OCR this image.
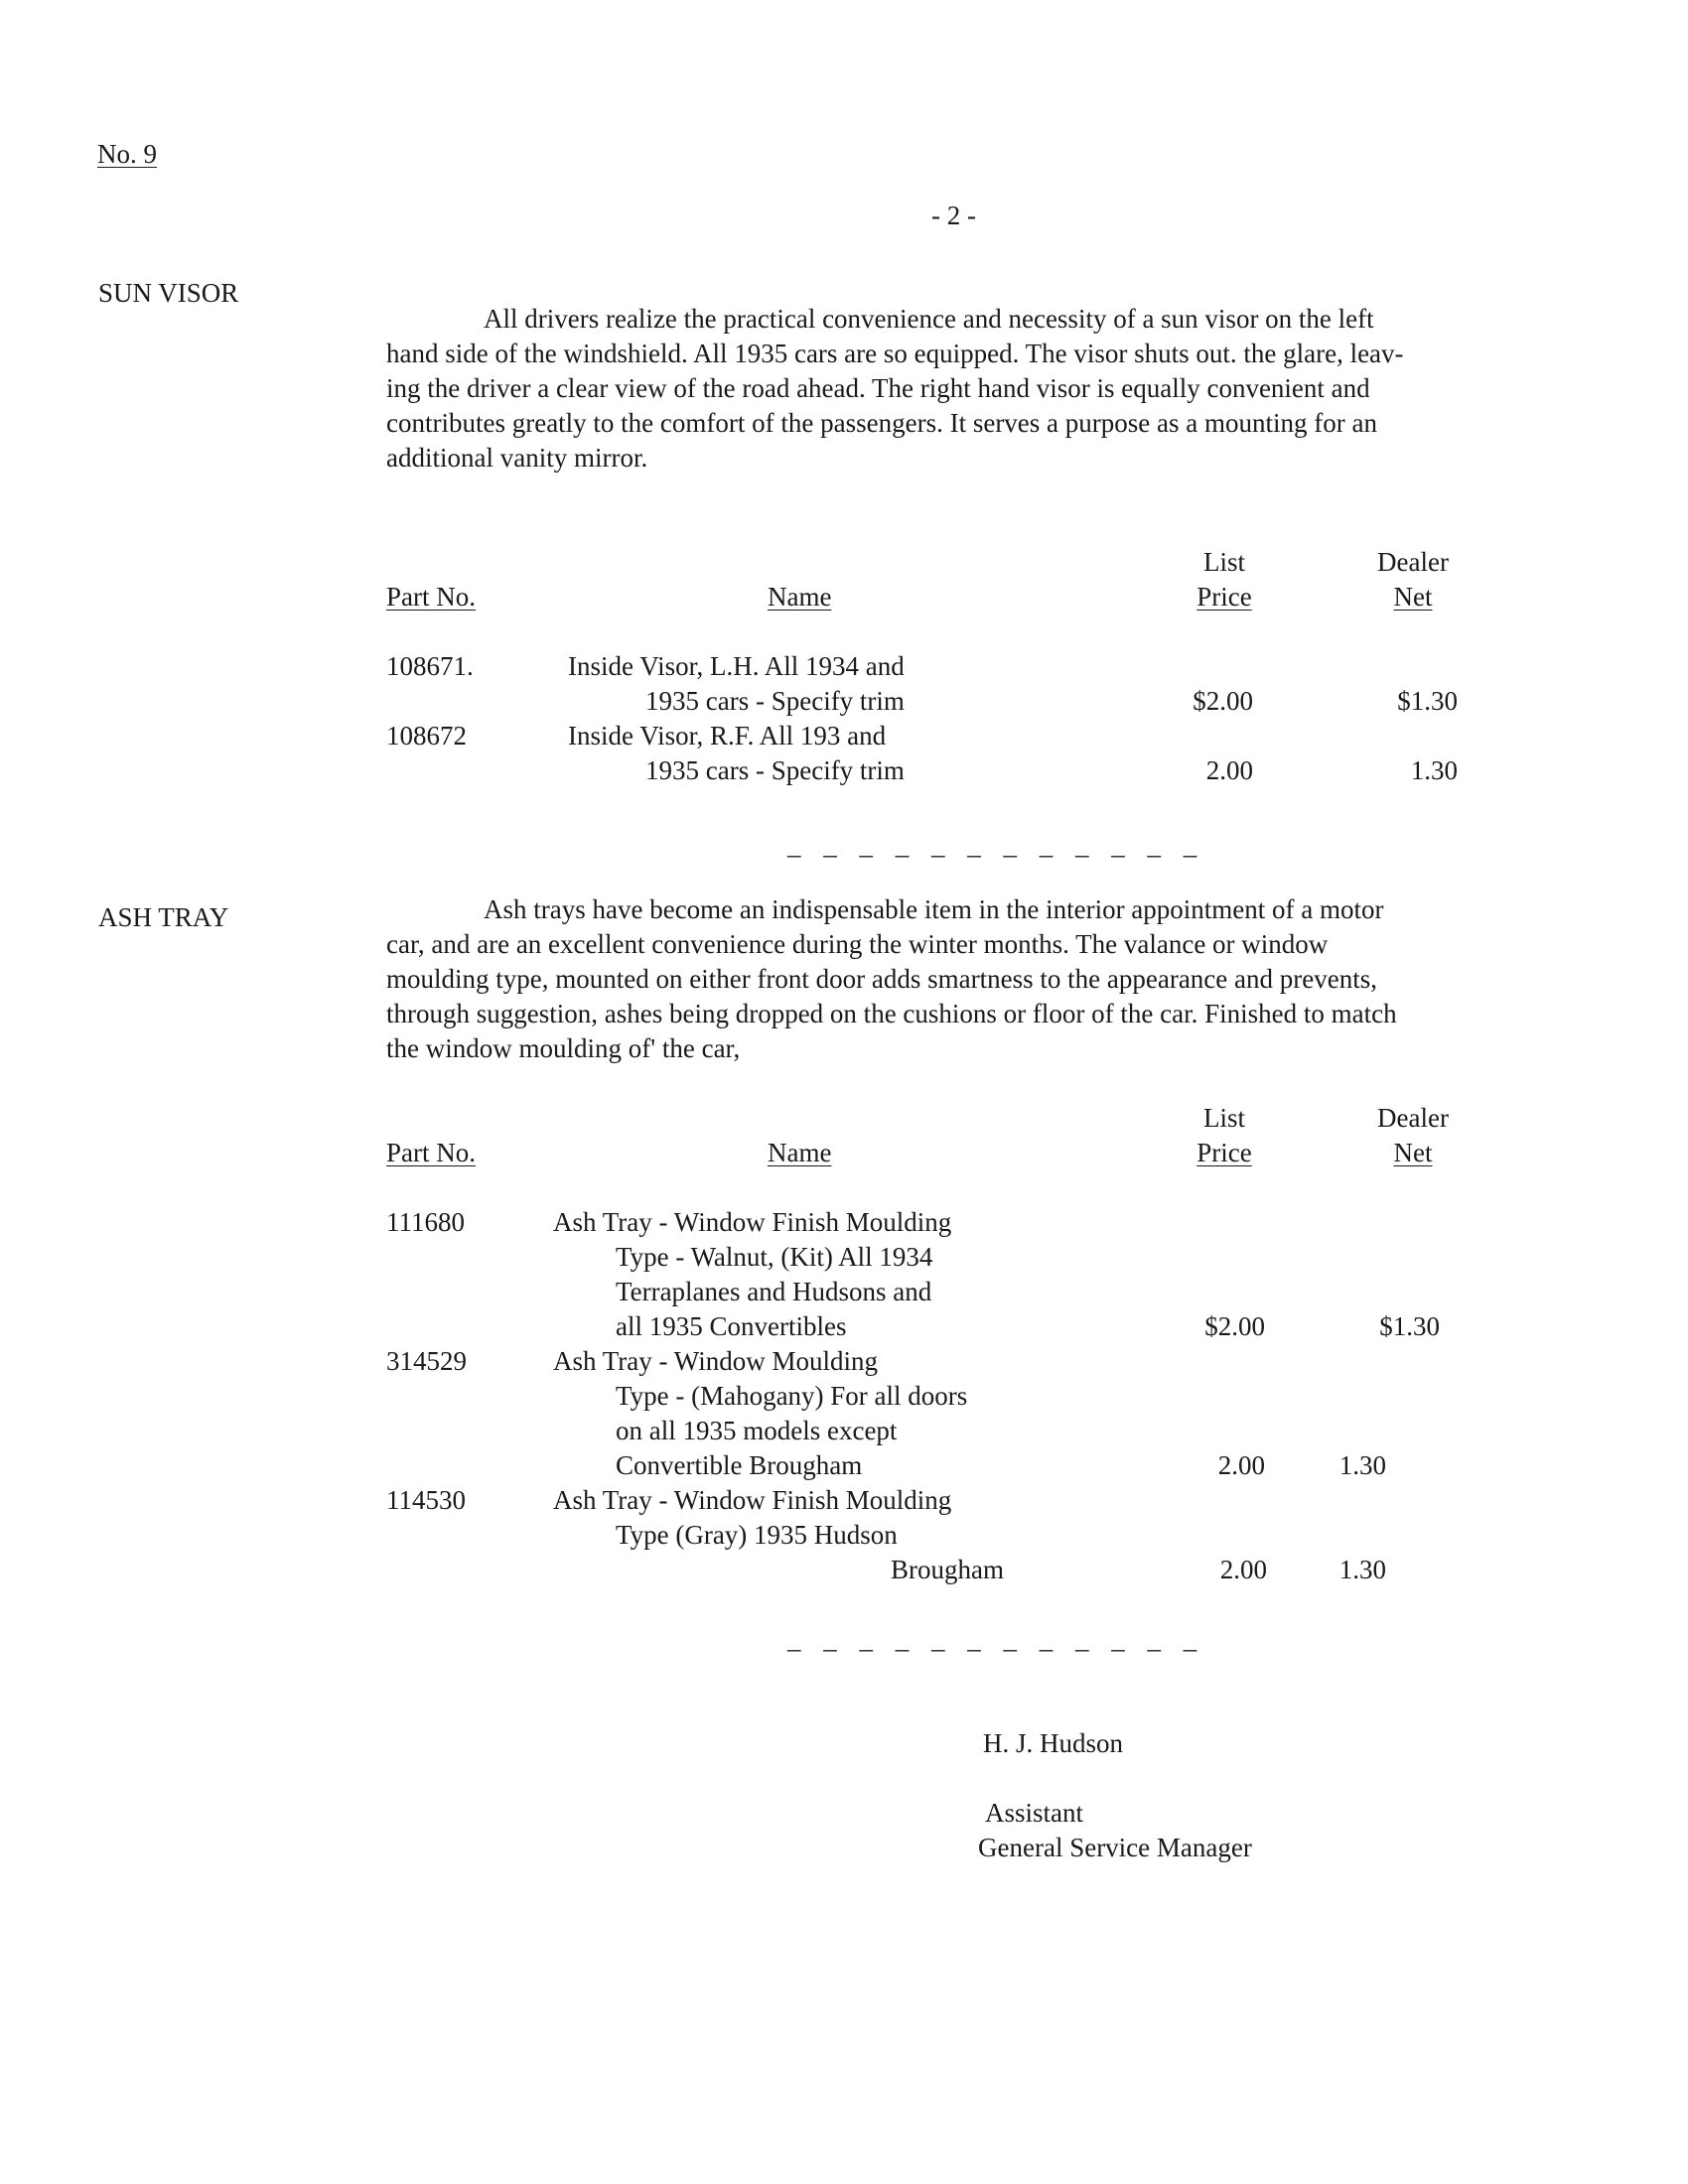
No. 9
- 2 -
SUN VISOR

All drivers realize the practical convenience and necessity of a sun visor on the left

hand side of the windshield. All 1935 cars are so equipped. The visor shuts out. the glare, leav-

ing the driver a clear view of the road ahead. The right hand visor is equally convenient and

contributes greatly to the comfort of the passengers. It serves a purpose as a mounting for an

additional vanity mirror.

Part No.	Name
List
Price
Dealer
Net
108671.	Inside Visor, L.H. All 1934 and
1935 cars - Specify trim	$2.00	$1.30
108672	Inside Visor, R.F. All 193 and
1935 cars - Specify trim	2.00	1.30
_ _ _ _ _ _ _ _ _ _ _ _
ASH TRAY	Ash trays have become an indispensable item in the interior appointment of a motor

car, and are an excellent convenience during the winter months. The valance or window

moulding type, mounted on either front door adds smartness to the appearance and prevents,

through suggestion, ashes being dropped on the cushions or floor of the car. Finished to match

the window moulding of' the car,

Part No.	Name
List
Price
Dealer
Net
111680	Ash Tray - Window Finish Moulding
Type - Walnut, (Kit) All 1934
Terraplanes and Hudsons and
all 1935 Convertibles	$2.00	$1.30
314529	Ash Tray - Window Moulding
Type - (Mahogany) For all doors
on all 1935 models except
Convertible Brougham	2.00	1.30
114530	Ash Tray - Window Finish Moulding
Type (Gray) 1935 Hudson
Brougham	2.00	1.30
_ _ _ _ _ _ _ _ _ _ _ _
H. J. Hudson
Assistant
General Service Manager
